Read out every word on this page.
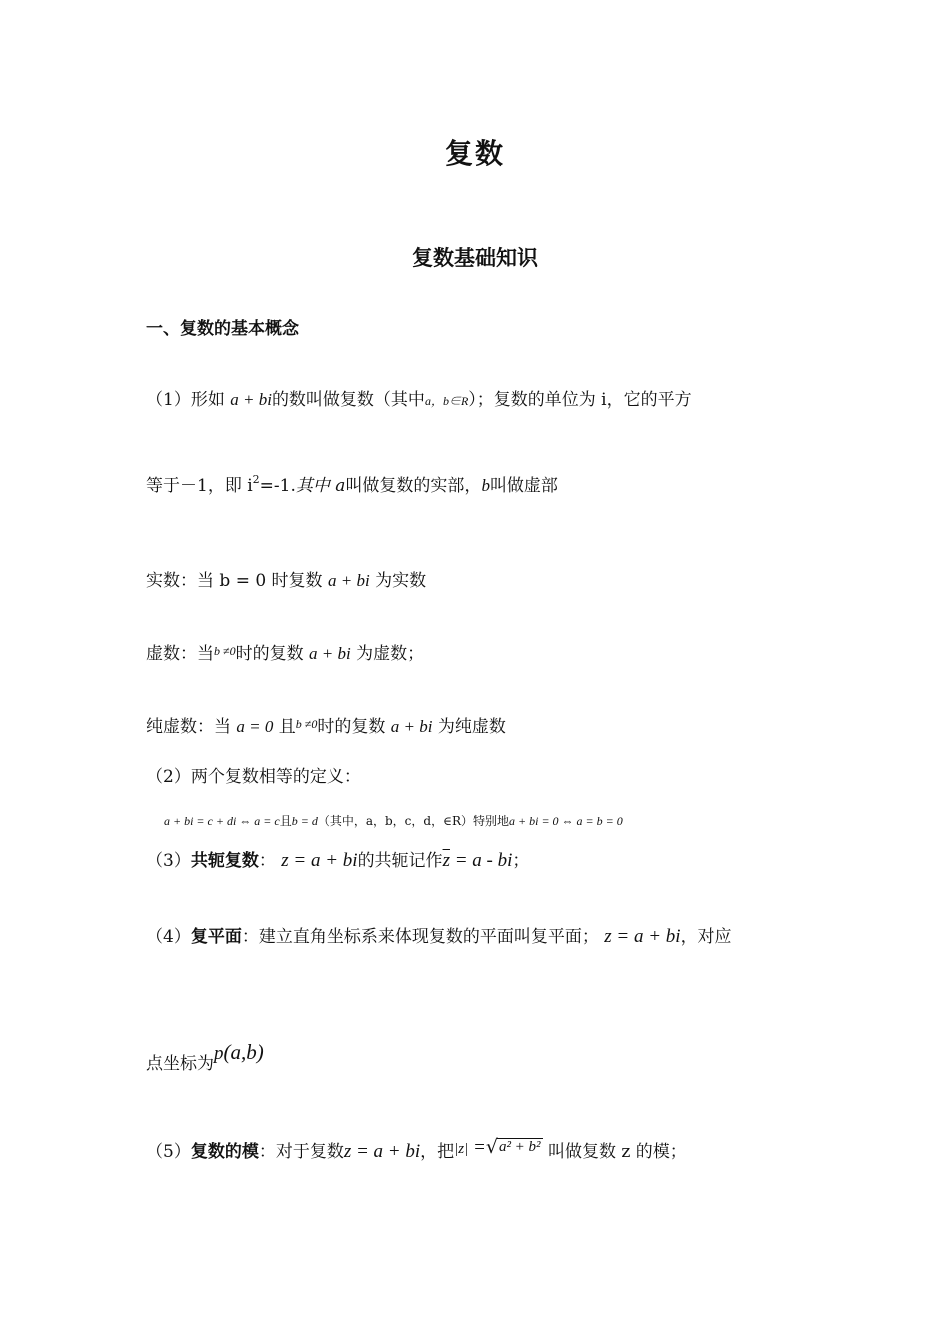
复数
复数基础知识
一、复数的基本概念
（1）形如 a + bi的数叫做复数（其中a，b∈R）；复数的单位为 i，它的平方
等于－1，即 $i^2=-1$.其中 a叫做复数的实部，b叫做虚部
实数：当 b = 0 时复数 a + bi 为实数
虚数：当$^{b \ne 0}$时的复数 a + bi 为虚数；
纯虚数：当 a = 0 且$^{b \ne 0}$时的复数 a + bi 为纯虚数
（2）两个复数相等的定义：
a + bi = c + di ⇔ a = c且b = d（其中，a，b，c，d，∈R）特别地a + bi = 0 ⇔ a = b = 0
（3）共轭复数： z = a + bi的共轭记作$\overline{z} = a$ - bi；
（4）复平面：建立直角坐标系来体现复数的平面叫复平面； z = a + bi，对应
点坐标为p(a,b)
（5）复数的模：对于复数z = a + bi，把|z| =√a² + b² 叫做复数 z 的模；
